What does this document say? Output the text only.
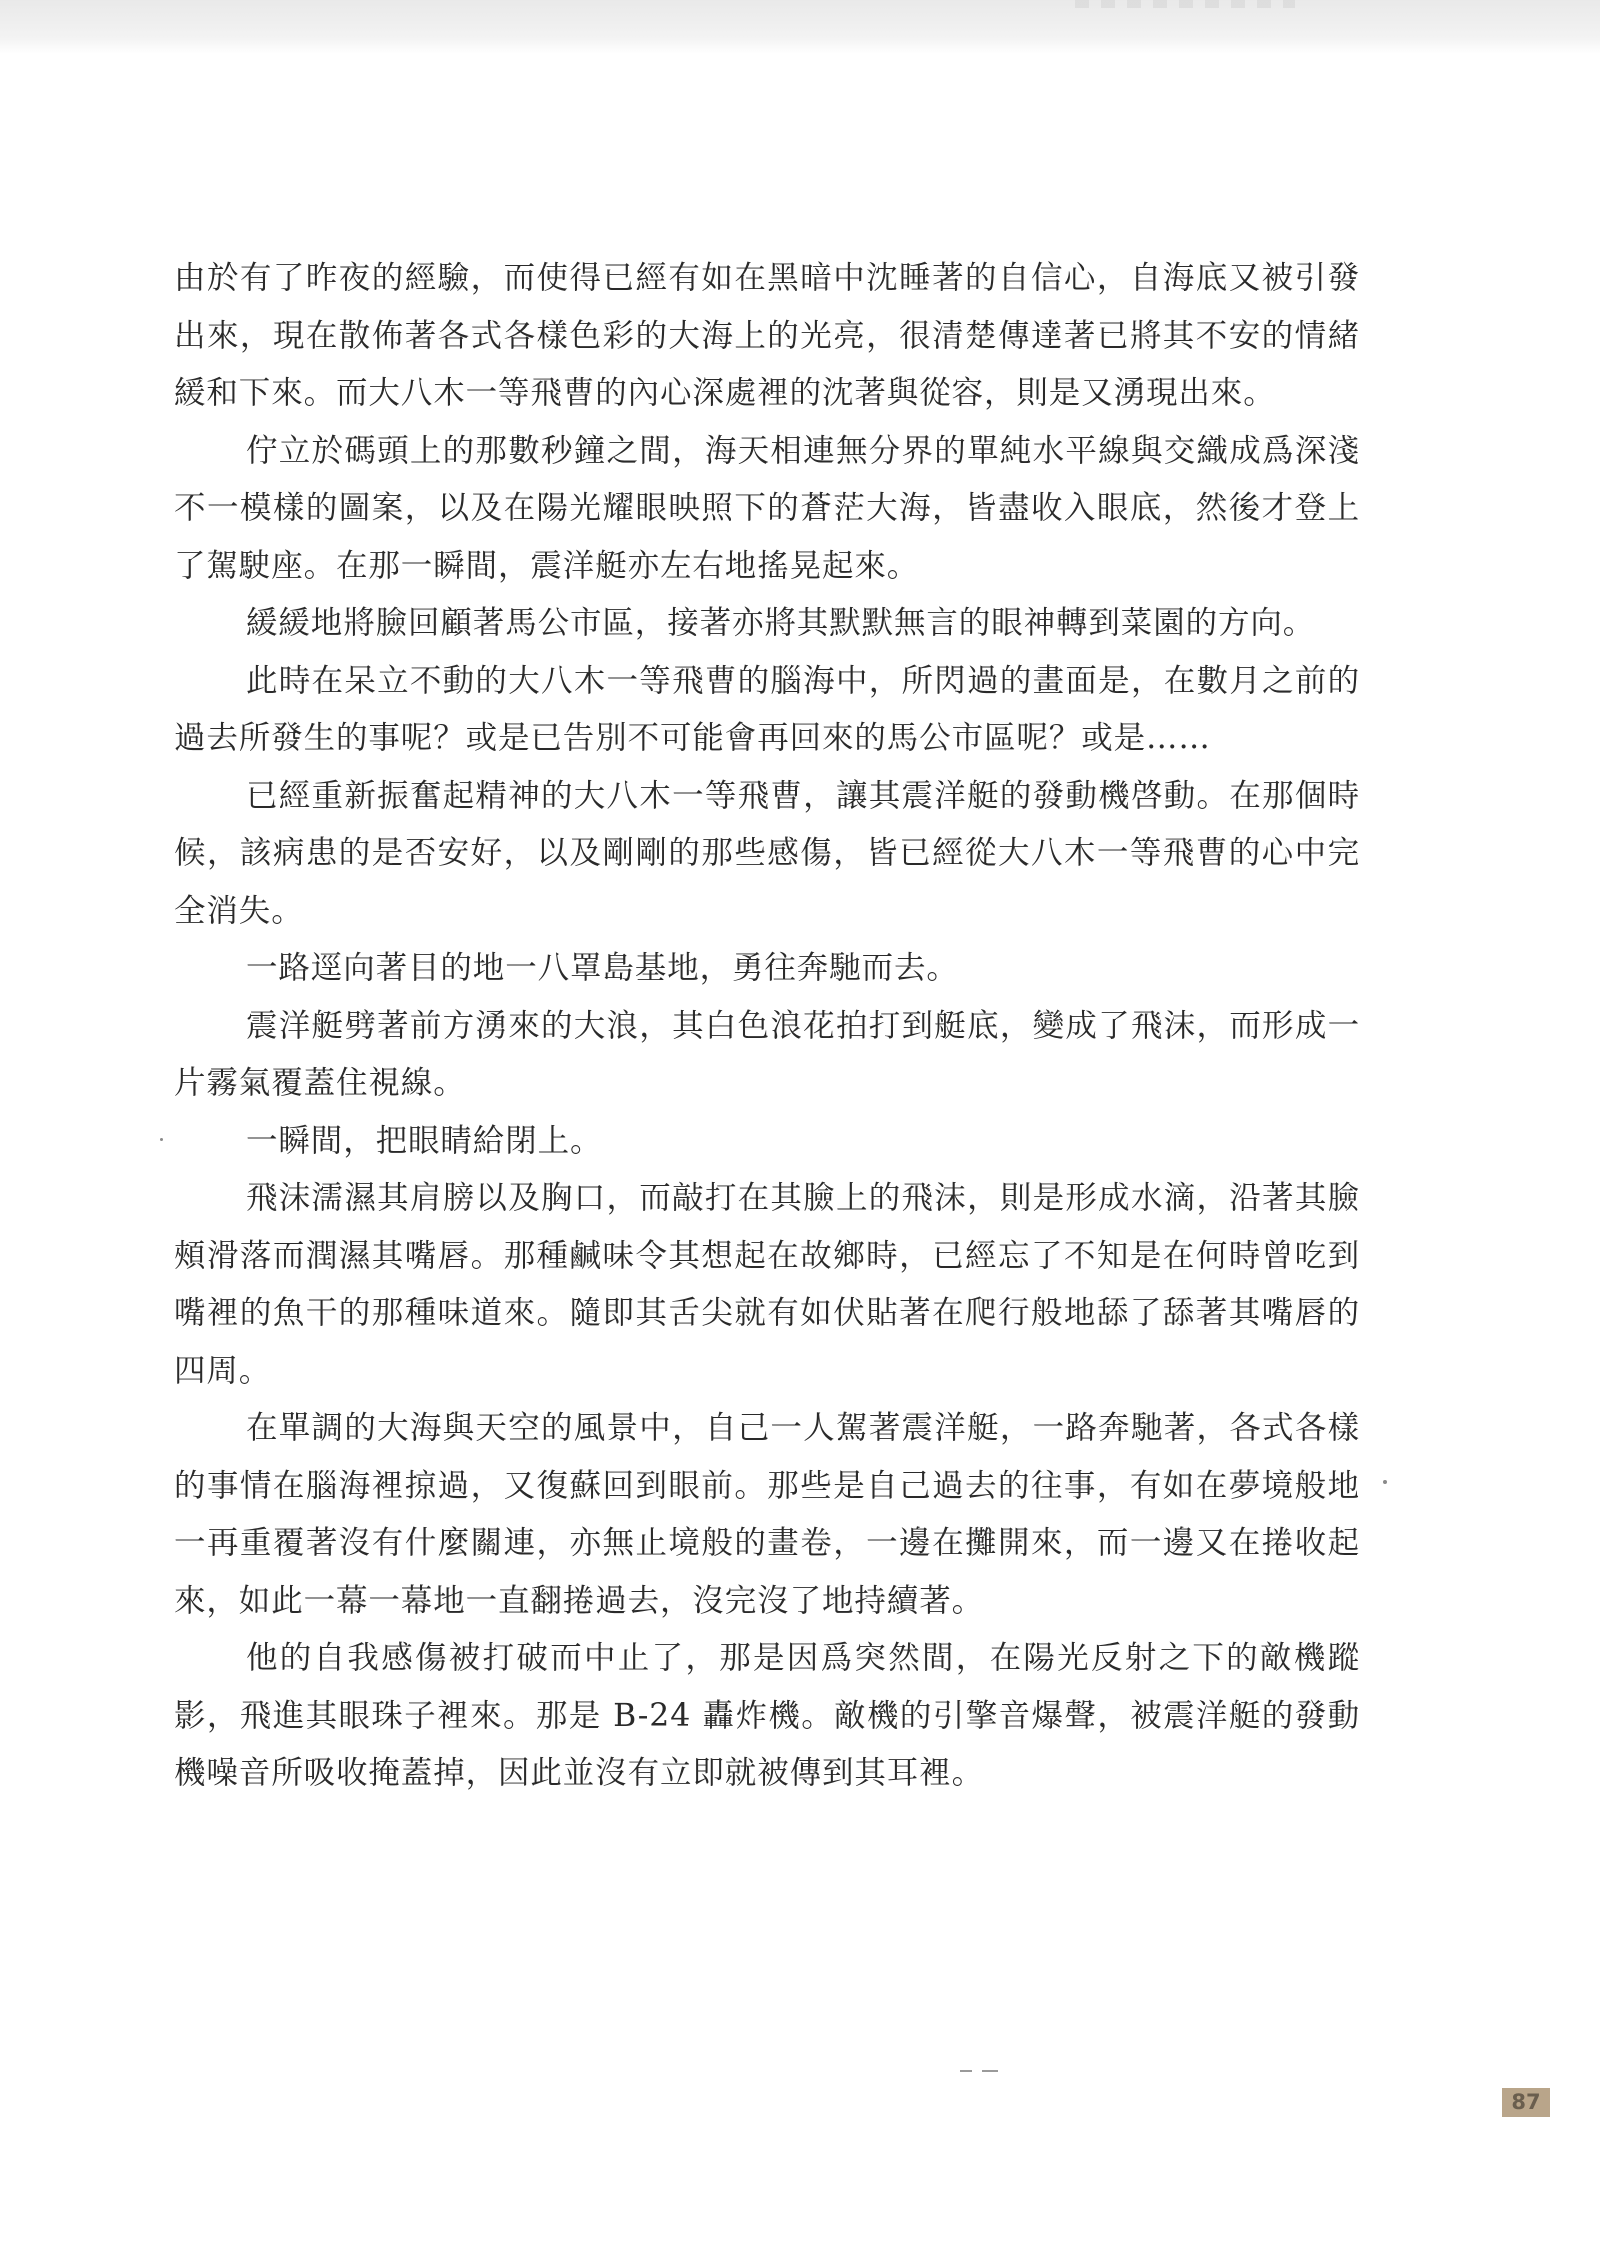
由於有了昨夜的經驗，而使得已經有如在黑暗中沈睡著的自信心，自海底又被引發出來，現在散佈著各式各樣色彩的大海上的光亮，很清楚傳達著已將其不安的情緒緩和下來。而大八木一等飛曹的內心深處裡的沈著與從容，則是又湧現出來。

佇立於碼頭上的那數秒鐘之間，海天相連無分界的單純水平線與交織成爲深淺不一模樣的圖案，以及在陽光耀眼映照下的蒼茫大海，皆盡收入眼底，然後才登上了駕駛座。在那一瞬間，震洋艇亦左右地搖晃起來。

緩緩地將臉回顧著馬公市區，接著亦將其默默無言的眼神轉到菜園的方向。

此時在呆立不動的大八木一等飛曹的腦海中，所閃過的畫面是，在數月之前的過去所發生的事呢？或是已告別不可能會再回來的馬公市區呢？或是……

已經重新振奮起精神的大八木一等飛曹，讓其震洋艇的發動機啓動。在那個時候，該病患的是否安好，以及剛剛的那些感傷，皆已經從大八木一等飛曹的心中完全消失。

一路逕向著目的地一八罩島基地，勇往奔馳而去。

震洋艇劈著前方湧來的大浪，其白色浪花拍打到艇底，變成了飛沫，而形成一片霧氣覆蓋住視線。

一瞬間，把眼睛給閉上。

飛沫濡濕其肩膀以及胸口，而敲打在其臉上的飛沫，則是形成水滴，沿著其臉頰滑落而潤濕其嘴唇。那種鹹味令其想起在故鄉時，已經忘了不知是在何時曾吃到嘴裡的魚干的那種味道來。隨即其舌尖就有如伏貼著在爬行般地舔了舔著其嘴唇的四周。

在單調的大海與天空的風景中，自己一人駕著震洋艇，一路奔馳著，各式各樣的事情在腦海裡掠過，又復蘇回到眼前。那些是自己過去的往事，有如在夢境般地一再重覆著沒有什麼關連，亦無止境般的畫卷，一邊在攤開來，而一邊又在捲收起來，如此一幕一幕地一直翻捲過去，沒完沒了地持續著。

他的自我感傷被打破而中止了，那是因爲突然間，在陽光反射之下的敵機蹤影，飛進其眼珠子裡來。那是 B-24 轟炸機。敵機的引擎音爆聲，被震洋艇的發動機噪音所吸收掩蓋掉，因此並沒有立即就被傳到其耳裡。

87
